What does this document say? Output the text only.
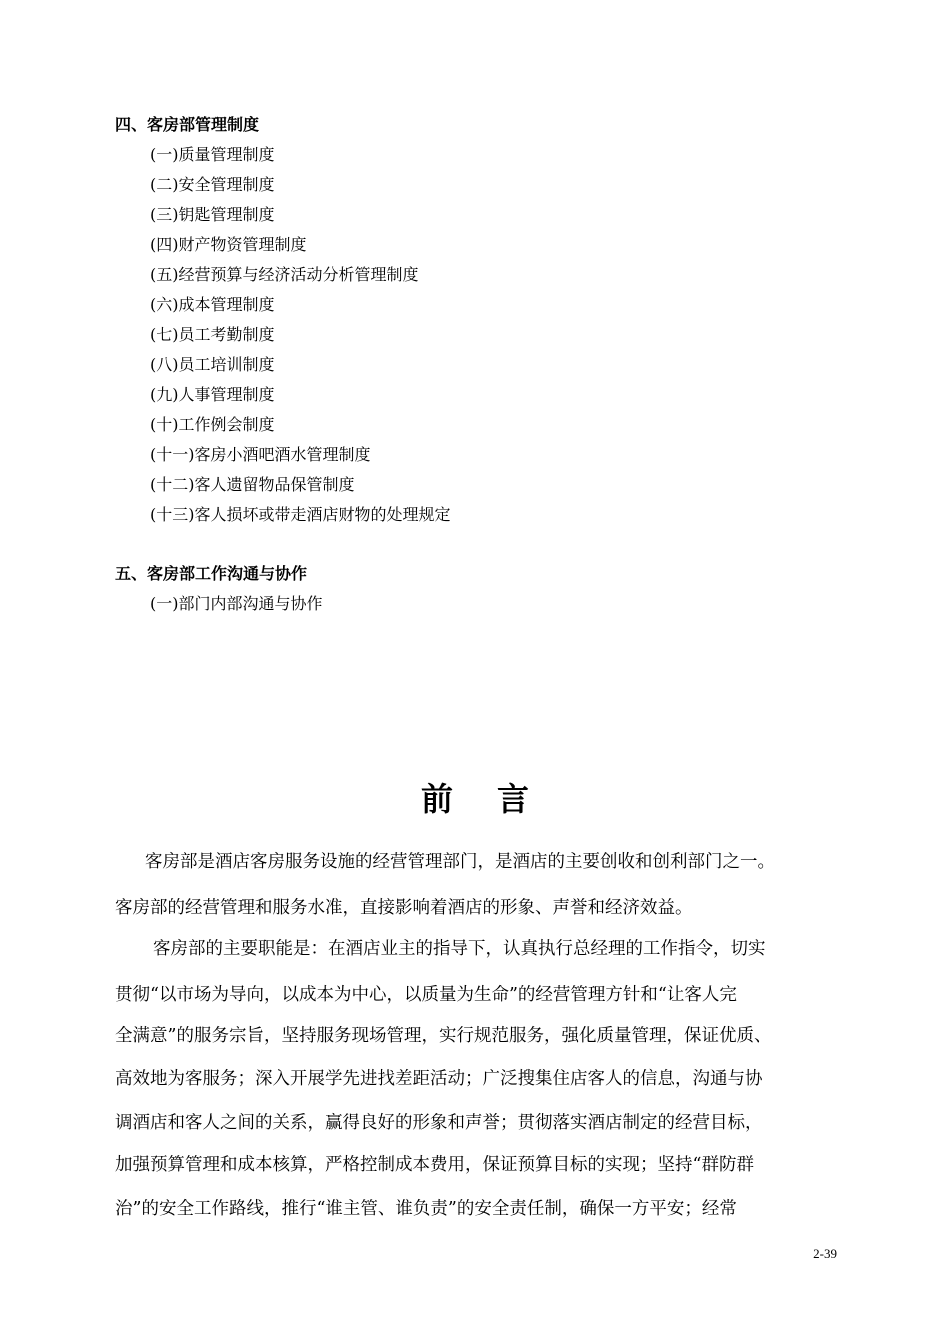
四、客房部管理制度
(一)质量管理制度
(二)安全管理制度
(三)钥匙管理制度
(四)财产物资管理制度
(五)经营预算与经济活动分析管理制度
(六)成本管理制度
(七)员工考勤制度
(八)员工培训制度
(九)人事管理制度
(十)工作例会制度
(十一)客房小酒吧酒水管理制度
(十二)客人遗留物品保管制度
(十三)客人损坏或带走酒店财物的处理规定
五、客房部工作沟通与协作
(一)部门内部沟通与协作
前言
客房部是酒店客房服务设施的经营管理部门，是酒店的主要创收和创利部门之一。
客房部的经营管理和服务水准，直接影响着酒店的形象、声誉和经济效益。
客房部的主要职能是：在酒店业主的指导下，认真执行总经理的工作指令，切实
贯彻“以市场为导向，以成本为中心，以质量为生命”的经营管理方针和“让客人完
全满意”的服务宗旨，坚持服务现场管理，实行规范服务，强化质量管理，保证优质、
高效地为客服务；深入开展学先进找差距活动；广泛搜集住店客人的信息，沟通与协
调酒店和客人之间的关系，赢得良好的形象和声誉；贯彻落实酒店制定的经营目标，
加强预算管理和成本核算，严格控制成本费用，保证预算目标的实现；坚持“群防群
治”的安全工作路线，推行“谁主管、谁负责”的安全责任制，确保一方平安；经常
2-39
